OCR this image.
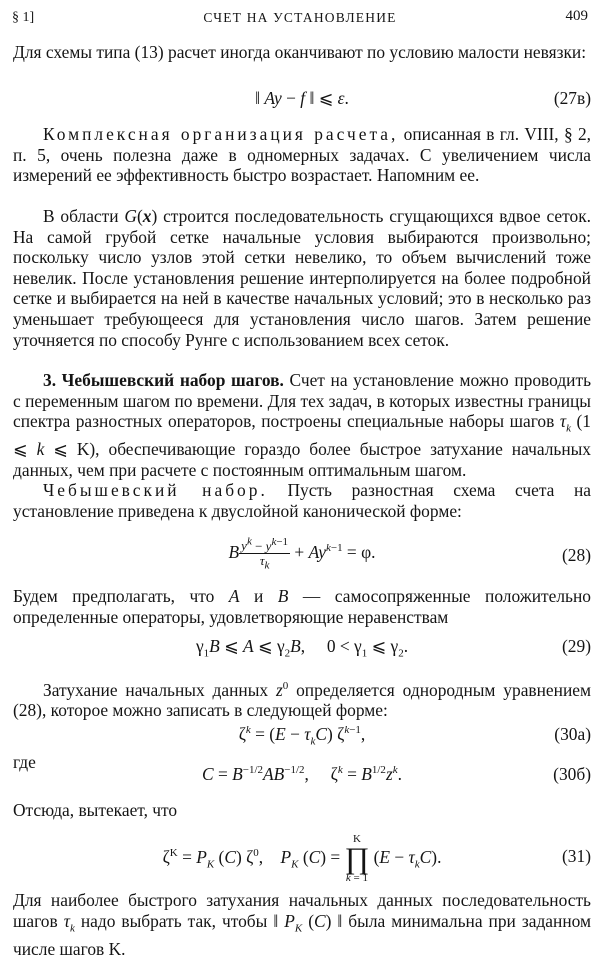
§ 1]	СЧЕТ НА УСТАНОВЛЕНИЕ	409
Для схемы типа (13) расчет иногда оканчивают по условию малости невязки:
‖ Ay − f ‖ ⩽ ε.	(27в)
Комплексная организация расчета, описанная в гл. VIII, § 2, п. 5, очень полезна даже в одномерных задачах. С увеличением числа измерений ее эффективность быстро возрастает. Напомним ее.
В области G(x) строится последовательность сгущающихся вдвое сеток. На самой грубой сетке начальные условия выбираются произвольно; поскольку число узлов этой сетки невелико, то объем вычислений тоже невелик. После установления решение интерполируется на более подробной сетке и выбирается на ней в качестве начальных условий; это в несколько раз уменьшает требующееся для установления число шагов. Затем решение уточняется по способу Рунге с использованием всех сеток.
3. Чебышевский набор шагов. Счет на установление можно проводить с переменным шагом по времени. Для тех задач, в которых известны границы спектра разностных операторов, построены специальные наборы шагов $\tau_k$ (1 ⩽ k ⩽ K), обеспечивающие гораздо более быстрое затухание начальных данных, чем при расчете с постоянным оптимальным шагом.
Чебышевский набор. Пусть разностная схема счета на установление приведена к двуслойной канонической форме:
B $\frac{y^k - y^{k-1}}{\tau_k} + Ay^{k-1} = \varphi$.	(28)
Будем предполагать, что A и B — самосопряженные положительно определенные операторы, удовлетворяющие неравенствам
$\gamma_1B$ ⩽ A ⩽ $\gamma_2B$,     $0 < \gamma_1$ ⩽ $\gamma_2$.	(29)
Затухание начальных данных $z^0$ определяется однородным уравнением (28), которое можно записать в следующей форме:
$\zeta^k = (E - \tau_kC)$ $\zeta^{k-1}$,	(30а)
где
$C = B^{-1/2}AB^{-1/2}$,     $\zeta^k = B^{1/2}z^k$.	(30б)
Отсюда, вытекает, что
$\zeta^K = P_K$ (C) $\zeta^0$,    $P_K$ (C) = K
∏
k = 1 $(E - \tau_kC)$.	(31)
Для наиболее быстрого затухания начальных данных последовательность шагов $\tau_k$ надо выбрать так, чтобы ‖ $P_K$ (C) ‖ была минимальна при заданном числе шагов K.
